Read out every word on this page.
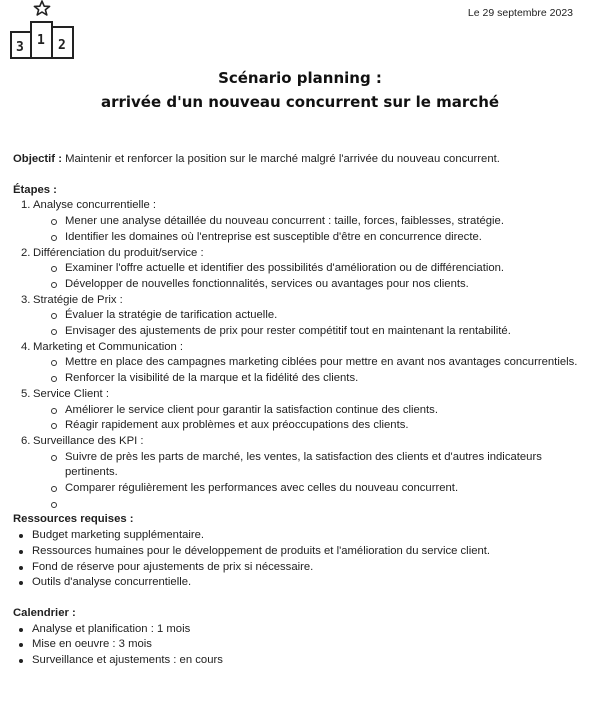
3 1 2
Le 29 septembre 2023
Scénario planning :
arrivée d'un nouveau concurrent sur le marché

Objectif : Maintenir et renforcer la position sur le marché malgré l'arrivée du nouveau concurrent.

Étapes :

1. Analyse concurrentielle :
Mener une analyse détaillée du nouveau concurrent : taille, forces, faiblesses, stratégie.
Identifier les domaines où l'entreprise est susceptible d'être en concurrence directe.
2. Différenciation du produit/service :
Examiner l'offre actuelle et identifier des possibilités d'amélioration ou de différenciation.
Développer de nouvelles fonctionnalités, services ou avantages pour nos clients.
3. Stratégie de Prix :
Évaluer la stratégie de tarification actuelle.
Envisager des ajustements de prix pour rester compétitif tout en maintenant la rentabilité.
4. Marketing et Communication :
Mettre en place des campagnes marketing ciblées pour mettre en avant nos avantages concurrentiels.
Renforcer la visibilité de la marque et la fidélité des clients.
5. Service Client :
Améliorer le service client pour garantir la satisfaction continue des clients.
Réagir rapidement aux problèmes et aux préoccupations des clients.
6. Surveillance des KPI :
Suivre de près les parts de marché, les ventes, la satisfaction des clients et d'autres indicateurs pertinents.
Comparer régulièrement les performances avec celles du nouveau concurrent.

Ressources requises :

Budget marketing supplémentaire.
Ressources humaines pour le développement de produits et l'amélioration du service client.
Fond de réserve pour ajustements de prix si nécessaire.
Outils d'analyse concurrentielle.

Calendrier :

Analyse et planification : 1 mois
Mise en oeuvre : 3 mois
Surveillance et ajustements : en cours
